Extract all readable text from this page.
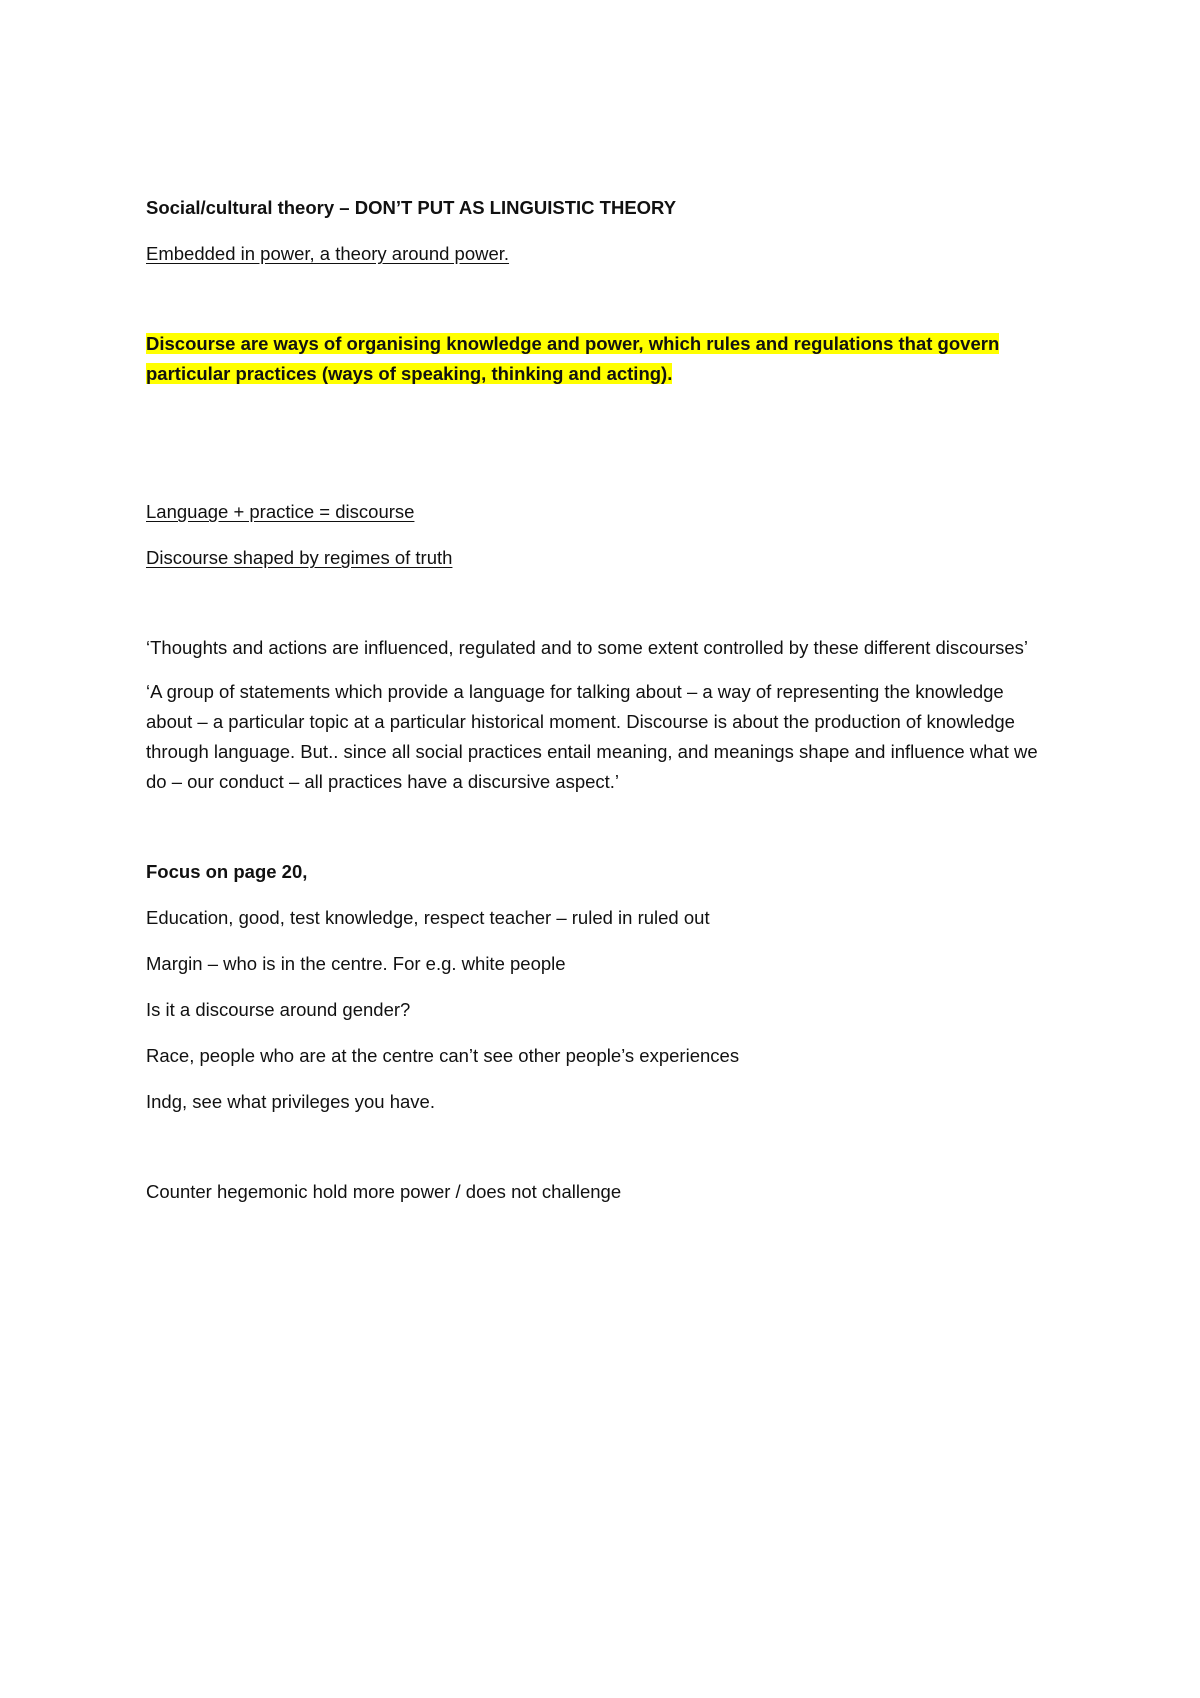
Social/cultural theory – DON’T PUT AS LINGUISTIC THEORY

Embedded in power, a theory around power.

Discourse are ways of organising knowledge and power, which rules and regulations that govern particular practices (ways of speaking, thinking and acting).

Language + practice = discourse

Discourse shaped by regimes of truth

‘Thoughts and actions are influenced, regulated and to some extent controlled by these different discourses’

‘A group of statements which provide a language for talking about – a way of representing the knowledge about – a particular topic at a particular historical moment. Discourse is about the production of knowledge through language. But.. since all social practices entail meaning, and meanings shape and influence what we do – our conduct – all practices have a discursive aspect.’

Focus on page 20,

Education, good, test knowledge, respect teacher – ruled in ruled out

Margin – who is in the centre. For e.g. white people

Is it a discourse around gender?

Race, people who are at the centre can’t see other people’s experiences

Indg, see what privileges you have.

Counter hegemonic hold more power / does not challenge
